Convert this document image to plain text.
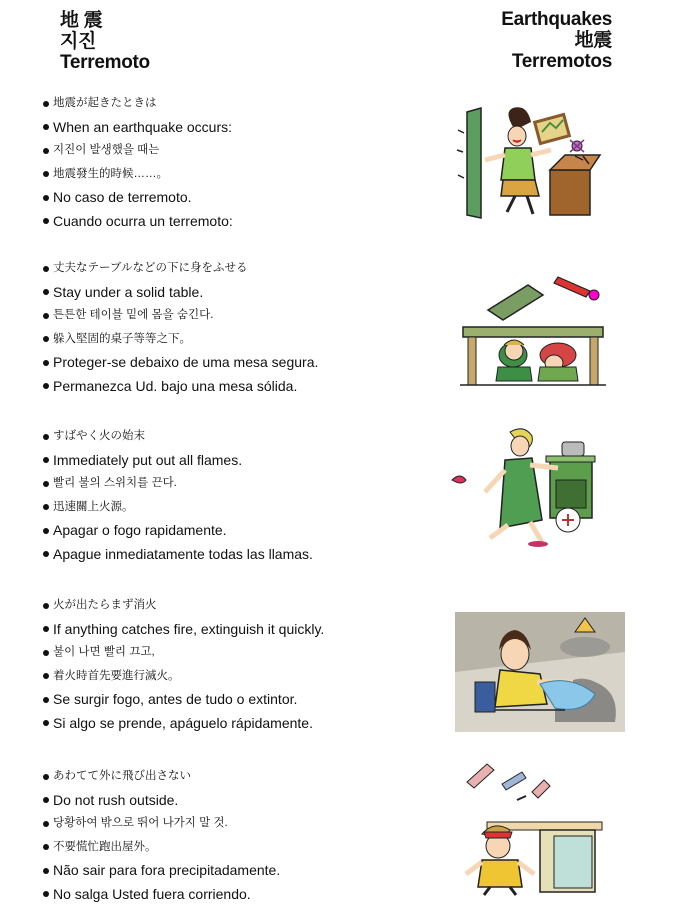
地 震
지진
Terremoto
Earthquakes
地震
Terremotos
地震が起きたときは
When an earthquake occurs:
지진이 발생했을 때는
地震發生的時候……。
No caso de terremoto.
Cuando ocurra un terremoto:
丈夫なテーブルなどの下に身をふせる
Stay under a solid table.
튼튼한 테이블 밑에 몸을 숨긴다.
躲入堅固的桌子等等之下。
Proteger-se debaixo de uma mesa segura.
Permanezca Ud. bajo una mesa sólida.
すばやく火の始末
Immediately put out all flames.
빨리 불의 스위치를 끈다.
迅速關上火源。
Apagar o fogo rapidamente.
Apague inmediatamente todas las llamas.
火が出たらまず消火
If anything catches fire, extinguish it quickly.
불이 나면 빨리 끄고,
着火時首先要進行滅火。
Se surgir fogo, antes de tudo o extintor.
Si algo se prende, apáguelo rápidamente.
あわてて外に飛び出さない
Do not rush outside.
당황하여 밖으로 뛰어 나가지 말 것.
不要慌忙跑出屋外。
Não sair para fora precipitadamente.
No salga Usted fuera corriendo.
